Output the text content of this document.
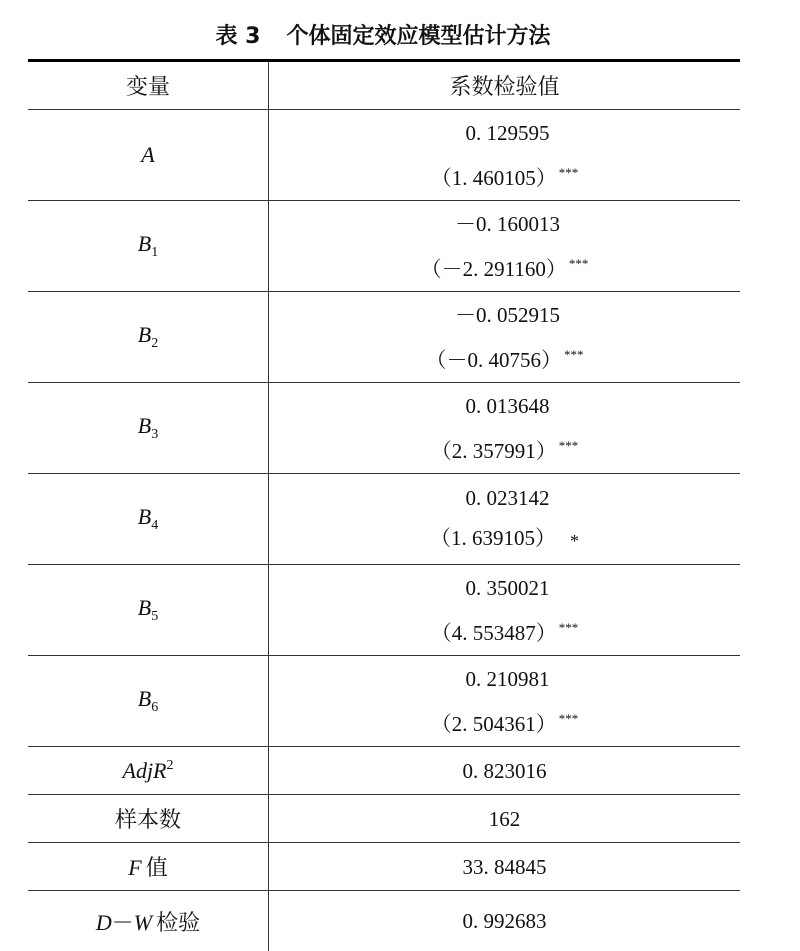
表 3 个体固定效应模型估计方法
变量	系数检验值
A	0. 129595
（1. 460105） ***

$B_1$	－0. 160013
（－2. 291160） ***

$B_2$	－0. 052915
（－0. 40756） ***

$B_3$	0. 013648
（2. 357991） ***

$B_4$	0. 023142
（1. 639105） *

$B_5$	0. 350021
（4. 553487） ***

$B_6$	0. 210981
（2. 504361） ***

AdjR$^2$	0. 823016
样本数	162
F 值	33. 84845
D－W 检验	0. 992683
